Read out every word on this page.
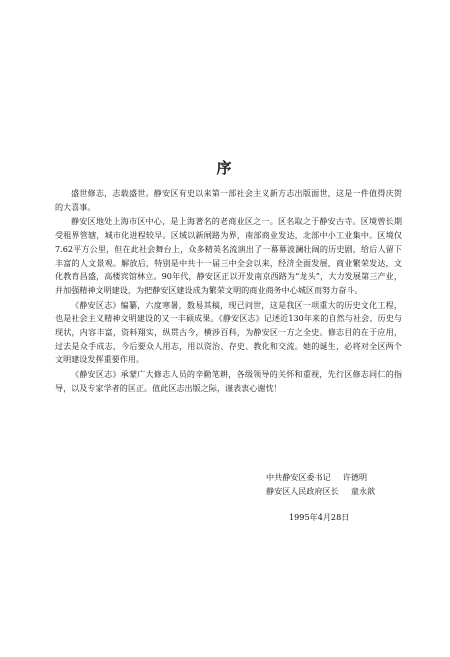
序

盛世修志，志载盛世。静安区有史以来第一部社会主义新方志出版面世，这是一件值得庆贺的大喜事。

静安区地处上海市区中心，是上海著名的老商业区之一。区名取之于静安古寺。区境曾长期受租界管辖，城市化进程较早。区域以新闸路为界，南部商业发达，北部中小工业集中。区境仅7.62平方公里，但在此社会舞台上，众多精英名流演出了一幕幕波澜壮阔的历史剧，给后人留下丰富的人文景观。解放后，特别是中共十一届三中全会以来，经济全面发展，商业繁荣发达，文化教育昌盛，高楼宾馆林立。90年代，静安区正以开发南京西路为“龙头”，大力发展第三产业，并加强精神文明建设，为把静安区建设成为繁荣文明的商业商务中心城区而努力奋斗。

《静安区志》编纂，六度寒暑，数易其稿，现已问世，这是我区一项重大的历史文化工程，也是社会主义精神文明建设的又一丰硕成果。《静安区志》记述近130年来的自然与社会、历史与现状，内容丰富，资料翔实，纵贯古今，横涉百科，为静安区一方之全史。修志目的在于应用，过去是众手成志，今后要众人用志，用以资治、存史、教化和交流。她的诞生，必将对全区两个文明建设发挥重要作用。

《静安区志》承蒙广大修志人员的辛勤笔耕，各级领导的关怀和重视，先行区修志同仁的指导，以及专家学者的匡正。值此区志出版之际，谨表衷心谢忱！

中共静安区委书记 许德明
静安区人民政府区长 童永歆
1995年4月28日
